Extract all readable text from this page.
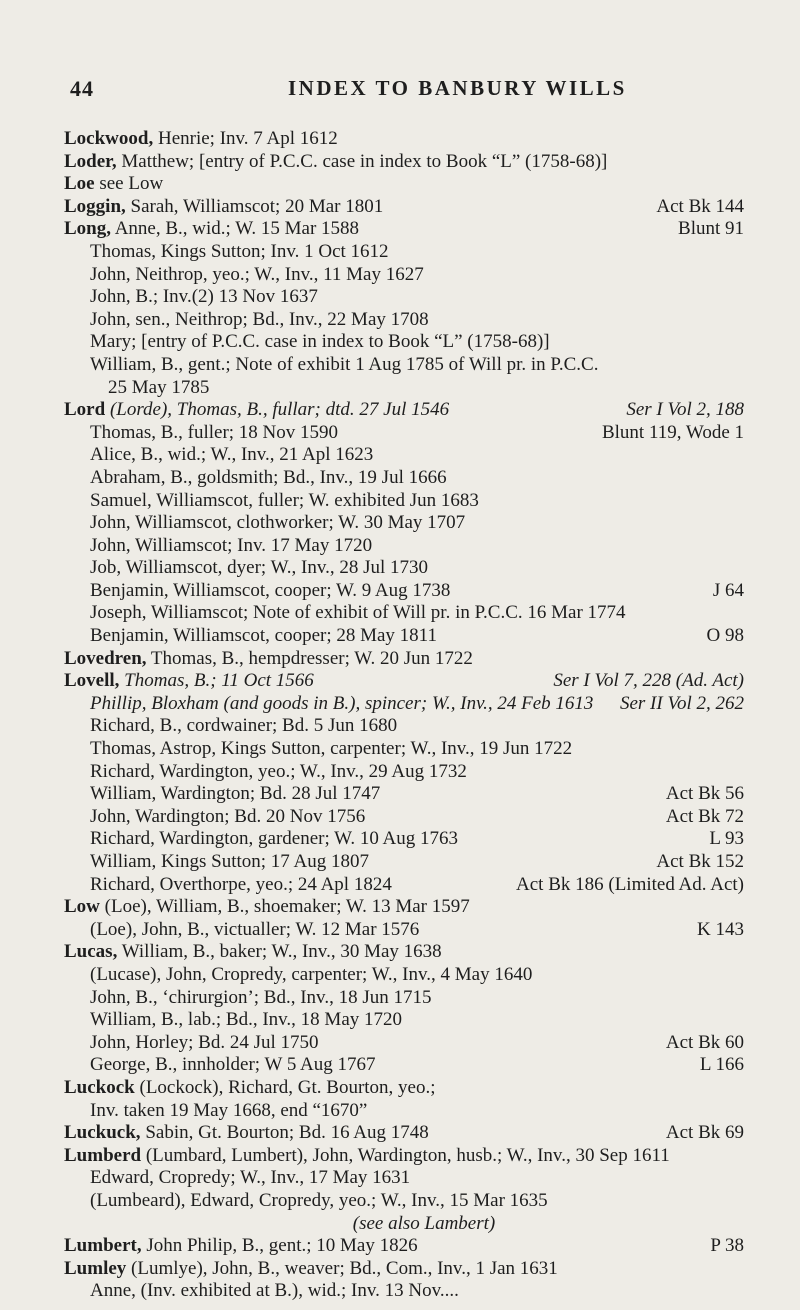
44	INDEX TO BANBURY WILLS
Lockwood, Henrie; Inv. 7 Apl 1612
Loder, Matthew; [entry of P.C.C. case in index to Book “L” (1758-68)]
Loe see Low
Loggin, Sarah, Williamscot; 20 Mar 1801	Act Bk 144
Long, Anne, B., wid.; W. 15 Mar 1588	Blunt 91
Thomas, Kings Sutton; Inv. 1 Oct 1612
John, Neithrop, yeo.; W., Inv., 11 May 1627
John, B.; Inv.(2) 13 Nov 1637
John, sen., Neithrop; Bd., Inv., 22 May 1708
Mary; [entry of P.C.C. case in index to Book “L” (1758-68)]
William, B., gent.; Note of exhibit 1 Aug 1785 of Will pr. in P.C.C.
25 May 1785
Lord (Lorde), Thomas, B., fullar; dtd. 27 Jul 1546	Ser I Vol 2, 188
Thomas, B., fuller; 18 Nov 1590	Blunt 119, Wode 1
Alice, B., wid.; W., Inv., 21 Apl 1623
Abraham, B., goldsmith; Bd., Inv., 19 Jul 1666
Samuel, Williamscot, fuller; W. exhibited Jun 1683
John, Williamscot, clothworker; W. 30 May 1707
John, Williamscot; Inv. 17 May 1720
Job, Williamscot, dyer; W., Inv., 28 Jul 1730
Benjamin, Williamscot, cooper; W. 9 Aug 1738	J 64
Joseph, Williamscot; Note of exhibit of Will pr. in P.C.C. 16 Mar 1774
Benjamin, Williamscot, cooper; 28 May 1811	O 98
Lovedren, Thomas, B., hempdresser; W. 20 Jun 1722
Lovell, Thomas, B.; 11 Oct 1566	Ser I Vol 7, 228 (Ad. Act)
Phillip, Bloxham (and goods in B.), spincer; W., Inv., 24 Feb 1613 Ser II Vol 2, 262
Richard, B., cordwainer; Bd. 5 Jun 1680
Thomas, Astrop, Kings Sutton, carpenter; W., Inv., 19 Jun 1722
Richard, Wardington, yeo.; W., Inv., 29 Aug 1732
William, Wardington; Bd. 28 Jul 1747	Act Bk 56
John, Wardington; Bd. 20 Nov 1756	Act Bk 72
Richard, Wardington, gardener; W. 10 Aug 1763	L 93
William, Kings Sutton; 17 Aug 1807	Act Bk 152
Richard, Overthorpe, yeo.; 24 Apl 1824	Act Bk 186 (Limited Ad. Act)
Low (Loe), William, B., shoemaker; W. 13 Mar 1597
(Loe), John, B., victualler; W. 12 Mar 1576	K 143
Lucas, William, B., baker; W., Inv., 30 May 1638
(Lucase), John, Cropredy, carpenter; W., Inv., 4 May 1640
John, B., ‘chirurgion’; Bd., Inv., 18 Jun 1715
William, B., lab.; Bd., Inv., 18 May 1720
John, Horley; Bd. 24 Jul 1750	Act Bk 60
George, B., innholder; W 5 Aug 1767	L 166
Luckock (Lockock), Richard, Gt. Bourton, yeo.;
Inv. taken 19 May 1668, end “1670”
Luckuck, Sabin, Gt. Bourton; Bd. 16 Aug 1748	Act Bk 69
Lumberd (Lumbard, Lumbert), John, Wardington, husb.; W., Inv., 30 Sep 1611
Edward, Cropredy; W., Inv., 17 May 1631
(Lumbeard), Edward, Cropredy, yeo.; W., Inv., 15 Mar 1635
(see also Lambert)
Lumbert, John Philip, B., gent.; 10 May 1826	P 38
Lumley (Lumlye), John, B., weaver; Bd., Com., Inv., 1 Jan 1631
Anne, (Inv. exhibited at B.), wid.; Inv. 13 Nov....
